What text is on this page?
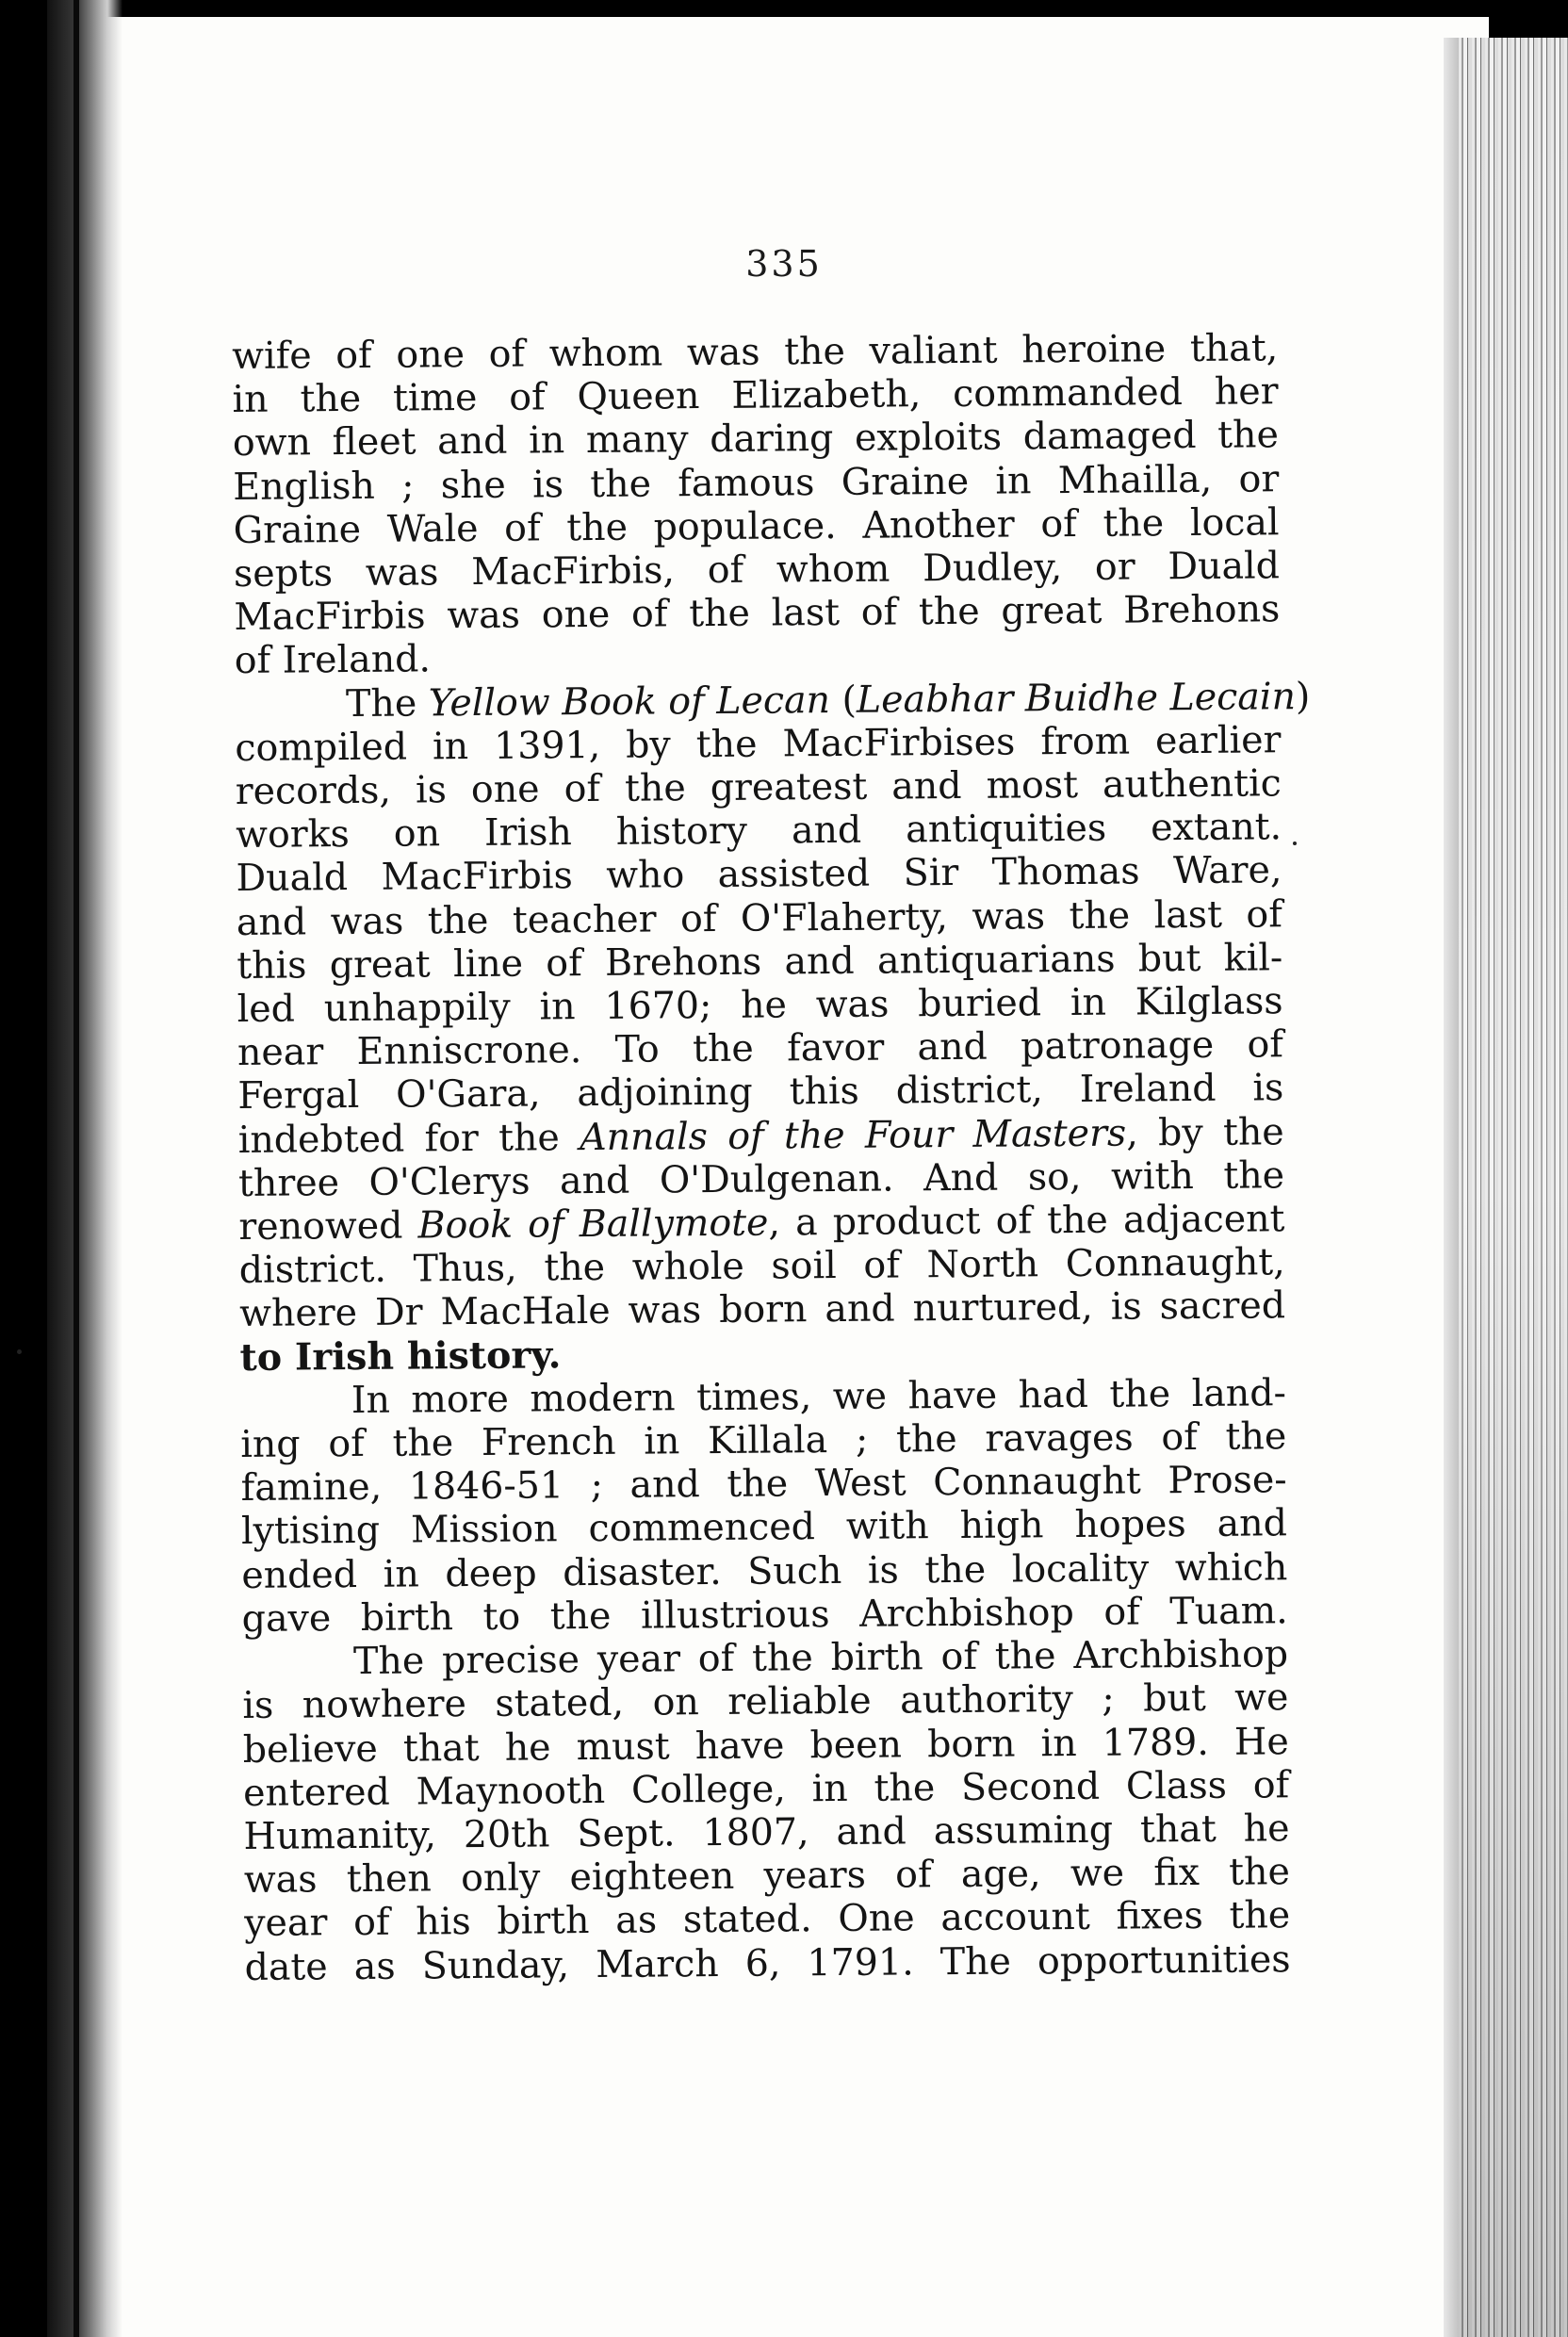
335

wife of one of whom was the valiant heroine that,
in the time of Queen Elizabeth, commanded her
own fleet and in many daring exploits damaged the
English ; she is the famous Graine in Mhailla, or
Graine Wale of the populace. Another of the local
septs was MacFirbis, of whom Dudley, or Duald
MacFirbis was one of the last of the great Brehons
of Ireland.

The Yellow Book of Lecan (Leabhar Buidhe Lecain)
compiled in 1391, by the MacFirbises from earlier
records, is one of the greatest and most authentic
works on Irish history and antiquities extant.
Duald MacFirbis who assisted Sir Thomas Ware,
and was the teacher of O'Flaherty, was the last of
this great line of Brehons and antiquarians but kil-
led unhappily in 1670; he was buried in Kilglass
near Enniscrone. To the favor and patronage of
Fergal O'Gara, adjoining this district, Ireland is
indebted for the Annals of the Four Masters, by the
three O'Clerys and O'Dulgenan. And so, with the
renowed Book of Ballymote, a product of the adjacent
district. Thus, the whole soil of North Connaught,
where Dr MacHale was born and nurtured, is sacred
to Irish history.

In more modern times, we have had the land-
ing of the French in Killala ; the ravages of the
famine, 1846-51 ; and the West Connaught Prose-
lytising Mission commenced with high hopes and
ended in deep disaster. Such is the locality which
gave birth to the illustrious Archbishop of Tuam.

The precise year of the birth of the Archbishop
is nowhere stated, on reliable authority ; but we
believe that he must have been born in 1789. He
entered Maynooth College, in the Second Class of
Humanity, 20th Sept. 1807, and assuming that he
was then only eighteen years of age, we fix the
year of his birth as stated. One account fixes the
date as Sunday, March 6, 1791. The opportunities
